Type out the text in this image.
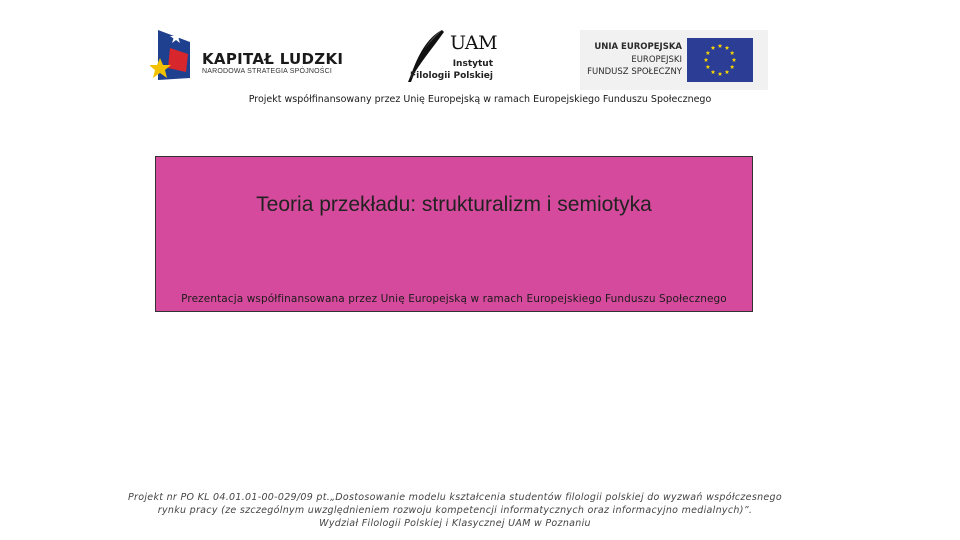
KAPITAŁ LUDZKI
NARODOWA STRATEGIA SPÓJNOŚCI
UAM
Instytut
Filologii Polskiej
UNIA EUROPEJSKA
EUROPEJSKI
FUNDUSZ SPOŁECZNY
Projekt współfinansowany przez Unię Europejską w ramach Europejskiego Funduszu Społecznego
Teoria przekładu: strukturalizm i semiotyka
Prezentacja współfinansowana przez Unię Europejską w ramach Europejskiego Funduszu Społecznego
Projekt nr PO KL 04.01.01-00-029/09 pt.„Dostosowanie modelu kształcenia studentów filologii polskiej do wyzwań współczesnego
rynku pracy (ze szczególnym uwzględnieniem rozwoju kompetencji informatycznych oraz informacyjno medialnych)”.
Wydział Filologii Polskiej i Klasycznej UAM w Poznaniu
